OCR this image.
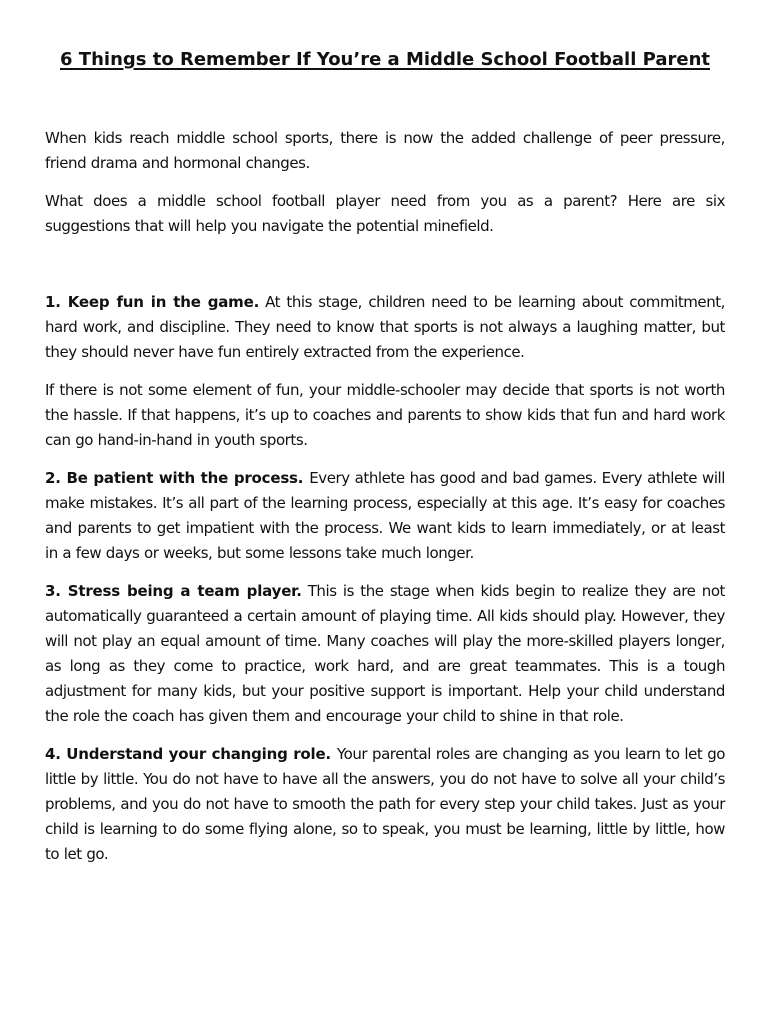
6 Things to Remember If You’re a Middle School Football Parent

When kids reach middle school sports, there is now the added challenge of peer pressure, friend drama and hormonal changes.

What does a middle school football player need from you as a parent? Here are six suggestions that will help you navigate the potential minefield.

1. Keep fun in the game. At this stage, children need to be learning about commitment, hard work, and discipline. They need to know that sports is not always a laughing matter, but they should never have fun entirely extracted from the experience.

If there is not some element of fun, your middle-schooler may decide that sports is not worth the hassle. If that happens, it’s up to coaches and parents to show kids that fun and hard work can go hand-in-hand in youth sports.

2. Be patient with the process. Every athlete has good and bad games. Every athlete will make mistakes. It’s all part of the learning process, especially at this age. It’s easy for coaches and parents to get impatient with the process. We want kids to learn immediately, or at least in a few days or weeks, but some lessons take much longer.

3. Stress being a team player. This is the stage when kids begin to realize they are not automatically guaranteed a certain amount of playing time. All kids should play. However, they will not play an equal amount of time. Many coaches will play the more-skilled players longer, as long as they come to practice, work hard, and are great teammates. This is a tough adjustment for many kids, but your positive support is important. Help your child understand the role the coach has given them and encourage your child to shine in that role.

4. Understand your changing role. Your parental roles are changing as you learn to let go little by little. You do not have to have all the answers, you do not have to solve all your child’s problems, and you do not have to smooth the path for every step your child takes. Just as your child is learning to do some flying alone, so to speak, you must be learning, little by little, how to let go.
